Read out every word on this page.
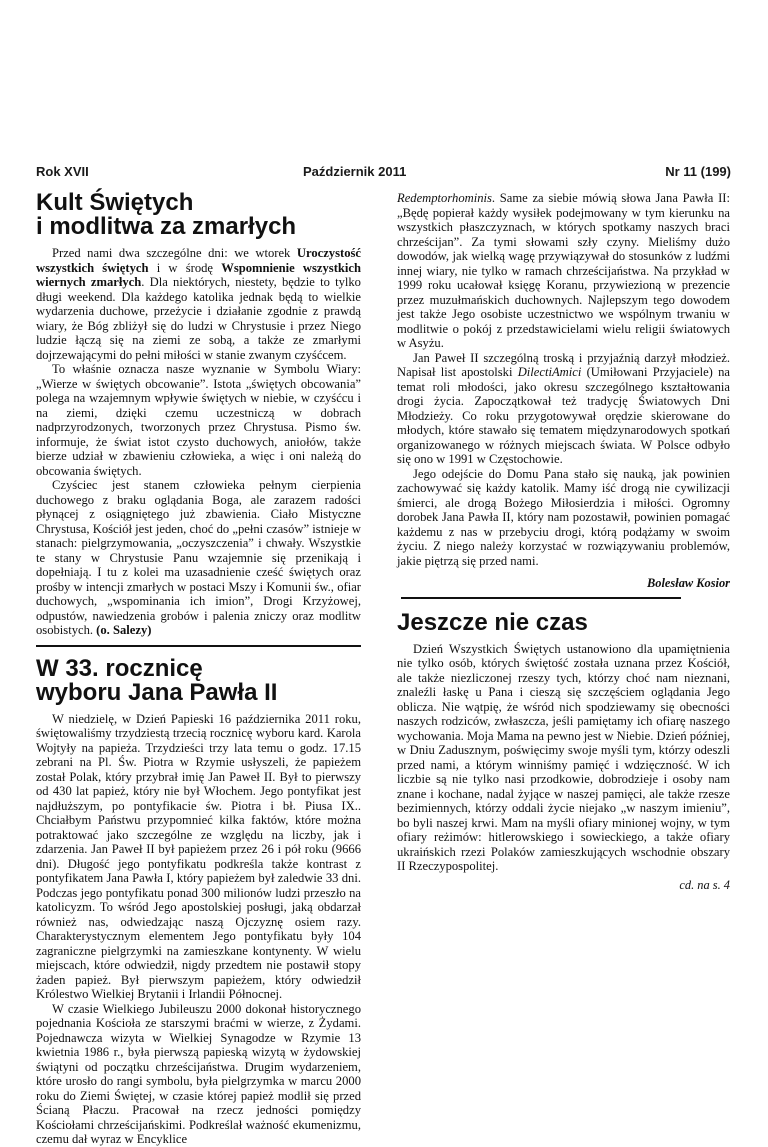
Rok XVII	Październik 2011	Nr 11 (199)
Kult Świętych
i modlitwa za zmarłych

Przed nami dwa szczególne dni: we wtorek Uroczystość wszystkich świętych i w środę Wspomnienie wszystkich wiernych zmarłych. Dla niektórych, niestety, będzie to tylko długi weekend. Dla każdego katolika jednak będą to wielkie wydarzenia duchowe, przeżycie i działanie zgodnie z prawdą wiary, że Bóg zbliżył się do ludzi w Chrystusie i przez Niego ludzie łączą się na ziemi ze sobą, a także ze zmarłymi dojrzewającymi do pełni miłości w stanie zwanym czyśćcem.

To właśnie oznacza nasze wyznanie w Symbolu Wiary: „Wierze w świętych obcowanie”. Istota „świętych obcowania” polega na wzajemnym wpływie świętych w niebie, w czyśćcu i na ziemi, dzięki czemu uczestniczą w dobrach nadprzyrodzonych, tworzonych przez Chrystusa. Pismo św. informuje, że świat istot czysto duchowych, aniołów, także bierze udział w zbawieniu człowieka, a więc i oni należą do obcowania świętych.

Czyściec jest stanem człowieka pełnym cierpienia duchowego z braku oglądania Boga, ale zarazem radości płynącej z osiągniętego już zbawienia. Ciało Mistyczne Chrystusa, Kościół jest jeden, choć do „pełni czasów” istnieje w stanach: pielgrzymowania, „oczyszczenia” i chwały. Wszystkie te stany w Chrystusie Panu wzajemnie się przenikają i dopełniają. I tu z kolei ma uzasadnienie cześć świętych oraz prośby w intencji zmarłych w postaci Mszy i Komunii św., ofiar duchowych, „wspominania ich imion”, Drogi Krzyżowej, odpustów, nawiedzenia grobów i palenia zniczy oraz modlitw osobistych. (o. Salezy)

W 33. rocznicę
wyboru Jana Pawła II

W niedzielę, w Dzień Papieski 16 października 2011 roku, świętowaliśmy trzydziestą trzecią rocznicę wyboru kard. Karola Wojtyły na papieża. Trzydzieści trzy lata temu o godz. 17.15 zebrani na Pl. Św. Piotra w Rzymie usłyszeli, że papieżem został Polak, który przybrał imię Jan Paweł II. Był to pierwszy od 430 lat papież, który nie był Włochem. Jego pontyfikat jest najdłuższym, po pontyfikacie św. Piotra i bł. Piusa IX.. Chciałbym Państwu przypomnieć kilka faktów, które można potraktować jako szczególne ze względu na liczby, jak i zdarzenia. Jan Paweł II był papieżem przez 26 i pół roku (9666 dni). Długość jego pontyfikatu podkreśla także kontrast z pontyfikatem Jana Pawła I, który papieżem był zaledwie 33 dni. Podczas jego pontyfikatu ponad 300 milionów ludzi przeszło na katolicyzm. To wśród Jego apostolskiej posługi, jaką obdarzał również nas, odwiedzając naszą Ojczyznę osiem razy. Charakterystycznym elementem Jego pontyfikatu były 104 zagraniczne pielgrzymki na zamieszkane kontynenty. W wielu miejscach, które odwiedził, nigdy przedtem nie postawił stopy żaden papież. Był pierwszym papieżem, który odwiedził Królestwo Wielkiej Brytanii i Irlandii Północnej.

W czasie Wielkiego Jubileuszu 2000 dokonał historycznego pojednania Kościoła ze starszymi braćmi w wierze, z Żydami. Pojednawcza wizyta w Wielkiej Synagodze w Rzymie 13 kwietnia 1986 r., była pierwszą papieską wizytą w żydowskiej świątyni od początku chrześcijaństwa. Drugim wydarzeniem, które urosło do rangi symbolu, była pielgrzymka w marcu 2000 roku do Ziemi Świętej, w czasie której papież modlił się przed Ścianą Płaczu. Pracował na rzecz jedności pomiędzy Kościołami chrześcijańskimi. Podkreślał ważność ekumenizmu, czemu dał wyraz w Encyklice

Redemptorhominis. Same za siebie mówią słowa Jana Pawła II: „Będę popierał każdy wysiłek podejmowany w tym kierunku na wszystkich płaszczyznach, w których spotkamy naszych braci chrześcijan”. Za tymi słowami szły czyny. Mieliśmy dużo dowodów, jak wielką wagę przywiązywał do stosunków z ludźmi innej wiary, nie tylko w ramach chrześcijaństwa. Na przykład w 1999 roku ucałował księgę Koranu, przywiezioną w prezencie przez muzułmańskich duchownych. Najlepszym tego dowodem jest także Jego osobiste uczestnictwo we wspólnym trwaniu w modlitwie o pokój z przedstawicielami wielu religii światowych w Asyżu.

Jan Paweł II szczególną troską i przyjaźnią darzył młodzież. Napisał list apostolski DilectiAmici (Umiłowani Przyjaciele) na temat roli młodości, jako okresu szczególnego kształtowania drogi życia. Zapoczątkował też tradycję Światowych Dni Młodzieży. Co roku przygotowywał orędzie skierowane do młodych, które stawało się tematem międzynarodowych spotkań organizowanego w różnych miejscach świata. W Polsce odbyło się ono w 1991 w Częstochowie.

Jego odejście do Domu Pana stało się nauką, jak powinien zachowywać się każdy katolik. Mamy iść drogą nie cywilizacji śmierci, ale drogą Bożego Miłosierdzia i miłości. Ogromny dorobek Jana Pawła II, który nam pozostawił, powinien pomagać każdemu z nas w przebyciu drogi, którą podążamy w swoim życiu. Z niego należy korzystać w rozwiązywaniu problemów, jakie piętrzą się przed nami.

Bolesław Kosior
Jeszcze nie czas

Dzień Wszystkich Świętych ustanowiono dla upamiętnienia nie tylko osób, których świętość została uznana przez Kościół, ale także niezliczonej rzeszy tych, którzy choć nam nieznani, znaleźli łaskę u Pana i cieszą się szczęściem oglądania Jego oblicza. Nie wątpię, że wśród nich spodziewamy się obecności naszych rodziców, zwłaszcza, jeśli pamiętamy ich ofiarę naszego wychowania. Moja Mama na pewno jest w Niebie. Dzień później, w Dniu Zadusznym, poświęcimy swoje myśli tym, którzy odeszli przed nami, a którym winniśmy pamięć i wdzięczność. W ich liczbie są nie tylko nasi przodkowie, dobrodzieje i osoby nam znane i kochane, nadal żyjące w naszej pamięci, ale także rzesze bezimiennych, którzy oddali życie niejako „w naszym imieniu”, bo byli naszej krwi. Mam na myśli ofiary minionej wojny, w tym ofiary reżimów: hitlerowskiego i sowieckiego, a także ofiary ukraińskich rzezi Polaków zamieszkujących wschodnie obszary II Rzeczypospolitej.

cd. na s. 4
